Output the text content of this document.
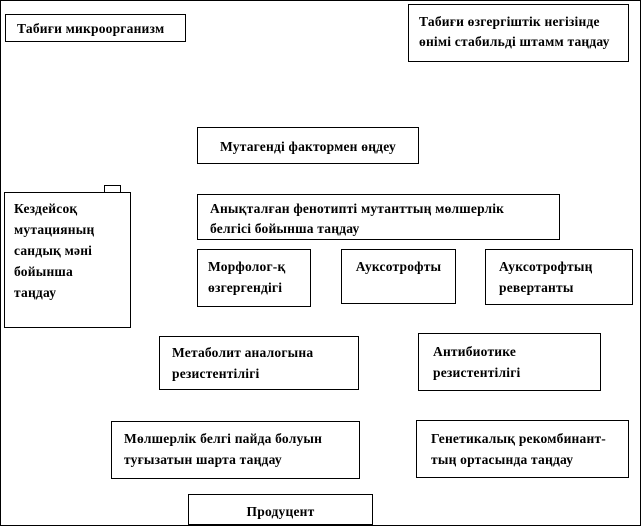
Табиғи микроорганизм	Табиғи өзгергіштік негізінде
өнімі стабильді штамм таңдау
Мутагенді фактормен өңдеу
Кездейсоқ
мутацияның
сандық мәні
бойынша
таңдау
Анықталған фенотипті мутанттың мөлшерлік
белгісі бойынша таңдау
Морфолог-қ
өзгергендігі
Ауксотрофты	Ауксотрофтың
ревертанты
Метаболит аналогына
резистентілігі
Антибиотике
резистентілігі
Мөлшерлік белгі пайда болуын
туғызатын шарта таңдау
Генетикалық рекомбинант-
тың ортасында таңдау
Продуцент
